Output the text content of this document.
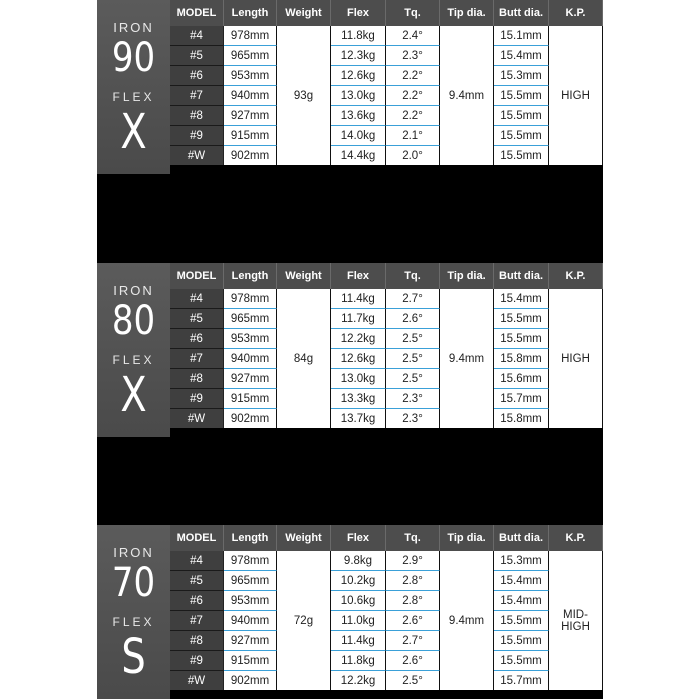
IRON
90
FLEX
X
MODEL	Length	Weight	Flex	Tq.	Tip dia.	Butt dia.	K.P.
#4	978mm	93g	11.8kg	2.4°	9.4mm	15.1mm	HIGH
#5	965mm		12.3kg	2.3°		15.4mm	
#6	953mm		12.6kg	2.2°		15.3mm	
#7	940mm		13.0kg	2.2°		15.5mm	
#8	927mm		13.6kg	2.2°		15.5mm	
#9	915mm		14.0kg	2.1°		15.5mm	
#W	902mm		14.4kg	2.0°		15.5mm	
IRON
80
FLEX
X
MODEL	Length	Weight	Flex	Tq.	Tip dia.	Butt dia.	K.P.
#4	978mm	84g	11.4kg	2.7°	9.4mm	15.4mm	HIGH
#5	965mm		11.7kg	2.6°		15.5mm	
#6	953mm		12.2kg	2.5°		15.5mm	
#7	940mm		12.6kg	2.5°		15.8mm	
#8	927mm		13.0kg	2.5°		15.6mm	
#9	915mm		13.3kg	2.3°		15.7mm	
#W	902mm		13.7kg	2.3°		15.8mm	
IRON
70
FLEX
S
MODEL	Length	Weight	Flex	Tq.	Tip dia.	Butt dia.	K.P.
#4	978mm	72g	9.8kg	2.9°	9.4mm	15.3mm	MID-HIGH
#5	965mm		10.2kg	2.8°		15.4mm	
#6	953mm		10.6kg	2.8°		15.4mm	
#7	940mm		11.0kg	2.6°		15.5mm	
#8	927mm		11.4kg	2.7°		15.5mm	
#9	915mm		11.8kg	2.6°		15.5mm	
#W	902mm		12.2kg	2.5°		15.7mm	
